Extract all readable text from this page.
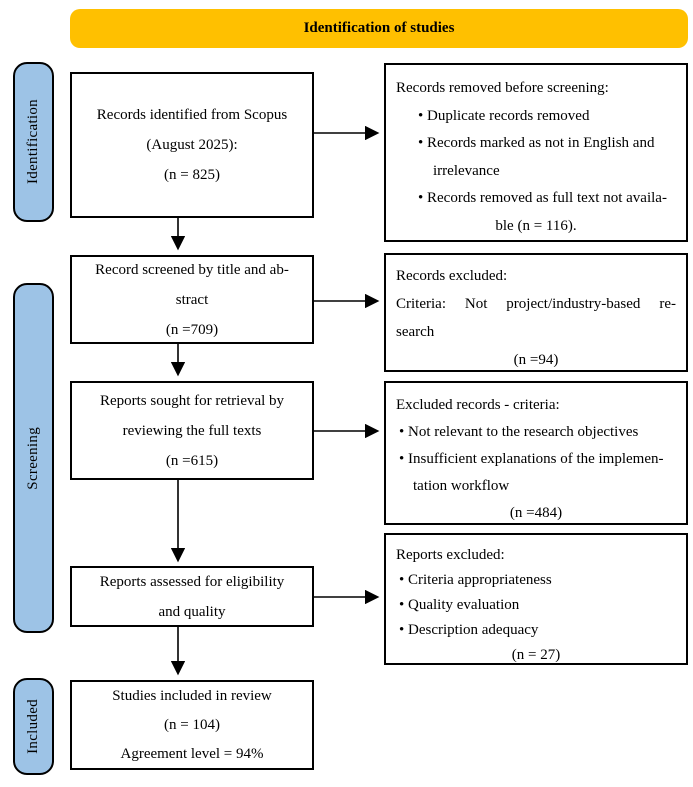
Identification of studies
Identification
Screening
Included
Records identified from Scopus
(August 2025):
(n = 825)
Record screened by title and ab-
stract
(n =709)
Reports sought for retrieval by
reviewing the full texts
(n =615)
Reports assessed for eligibility
and quality
Studies included in review
(n = 104)
Agreement level = 94%
Records removed before screening:
• Duplicate records removed
• Records marked as not in English and
irrelevance
• Records removed as full text not availa-
ble (n = 116).
Records excluded:
Criteria: Not project/industry-based re-
search
(n =94)
Excluded records - criteria:
• Not relevant to the research objectives
• Insufficient explanations of the implemen-
tation workflow
(n =484)
Reports excluded:
• Criteria appropriateness
• Quality evaluation
• Description adequacy
(n = 27)
